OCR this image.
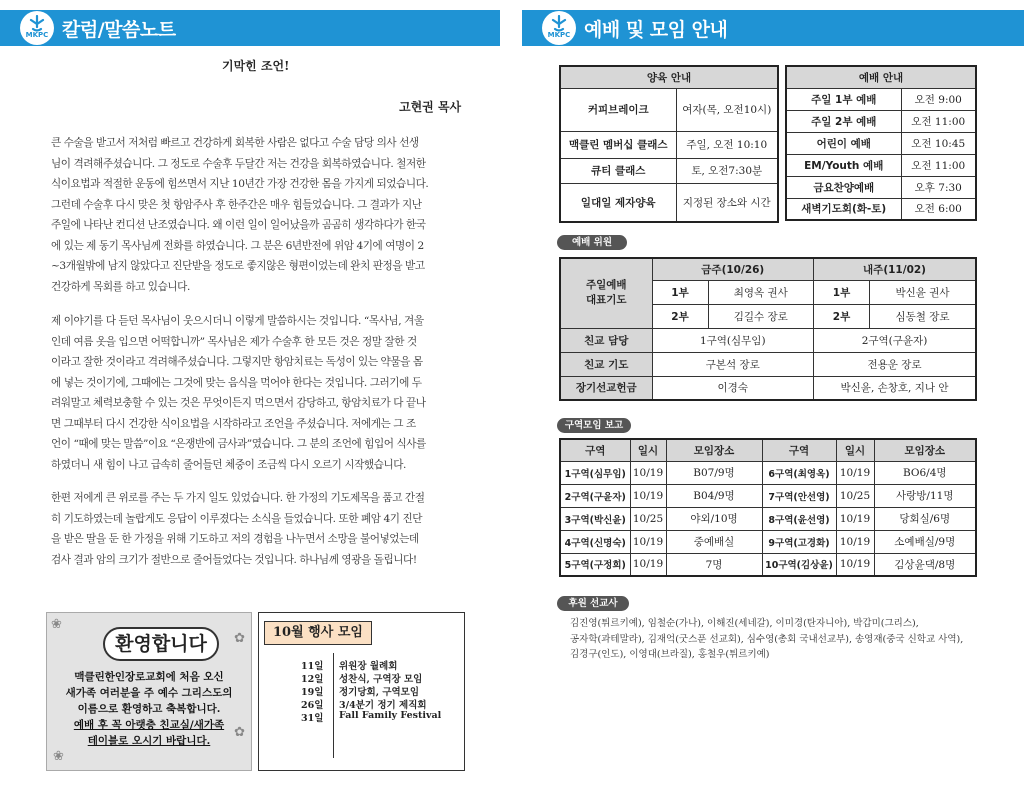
MKPC 칼럼/말씀노트	MKPC 예배 및 모임 안내
기막힌 조언!
고현권 목사
큰 수술을 받고서 저처럼 빠르고 건강하게 회복한 사람은 없다고 수술 담당 의사 선생
님이 격려해주셨습니다. 그 정도로 수술후 두달간 저는 건강을 회복하였습니다. 철저한
식이요법과 적절한 운동에 힘쓰면서 지난 10년간 가장 건강한 몸을 가지게 되었습니다.
그런데 수술후 다시 맞은 첫 항암주사 후 한주간은 매우 힘들었습니다. 그 결과가 지난
주일에 나타난 컨디션 난조였습니다. 왜 이런 일이 일어났을까 곰곰히 생각하다가 한국
에 있는 제 동기 목사님께 전화를 하였습니다. 그 분은 6년반전에 위암 4기에 여명이 2
~3개월밖에 남지 않았다고 진단받을 정도로 좋지않은 형편이었는데 완치 판정을 받고
건강하게 목회를 하고 있습니다.
제 이야기를 다 듣던 목사님이 웃으시더니 이렇게 말씀하시는 것입니다. “목사님, 겨울
인데 여름 옷을 입으면 어떡합니까” 목사님은 제가 수술후 한 모든 것은 정말 잘한 것
이라고 잘한 것이라고 격려해주셨습니다. 그렇지만 항암치료는 독성이 있는 약물을 몸
에 넣는 것이기에, 그때에는 그것에 맞는 음식을 먹어야 한다는 것입니다. 그러기에 두
려워말고 체력보충할 수 있는 것은 무엇이든지 먹으면서 감당하고, 항암치료가 다 끝나
면 그때부터 다시 건강한 식이요법을 시작하라고 조언을 주셨습니다. 저에게는 그 조
언이 “때에 맞는 말씀”이요 “은쟁반에 금사과”였습니다. 그 분의 조언에 힘입어 식사를
하였더니 새 힘이 나고 급속히 줄어들던 체중이 조금씩 다시 오르기 시작했습니다.
한편 저에게 큰 위로를 주는 두 가지 일도 있었습니다. 한 가정의 기도제목을 품고 간절
히 기도하였는데 놀랍게도 응답이 이루졌다는 소식을 들었습니다. 또한 폐암 4기 진단
을 받은 딸을 둔 한 가정을 위해 기도하고 저의 경험을 나누면서 소망을 불어넣었는데
검사 결과 암의 크기가 절반으로 줄어들었다는 것입니다. 하나님께 영광을 돌립니다!
❀
✿
❀
✿
환영합니다
맥클린한인장로교회에 처음 오신
새가족 여러분을 주 예수 그리스도의
이름으로 환영하고 축복합니다.
예배 후 꼭 아랫층 친교실/새가족
테이블로 오시기 바랍니다.
10월 행사 모임
11일	위원장 월례회
12일	성찬식, 구역장 모임
19일	정기당회, 구역모임
26일	3/4분기 정기 제직회
31일	Fall Family Festival
양육 안내	
커피브레이크	여자(목, 오전10시)
맥클린 멤버십 클래스	주일, 오전 10:10
큐티 클래스	토, 오전7:30분
일대일 제자양육	지정된 장소와 시간
예배 안내	
주일 1부 예배	오전 9:00
주일 2부 예배	오전 11:00
어린이 예배	오전 10:45
EM/Youth 예배	오전 11:00
금요찬양예배	오후 7:30
새벽기도회(화-토)	오전 6:00
예배 위원
주일예배
대표기도	금주(10/26)		내주(11/02)	
	1부	최영옥 권사	1부	박신윤 권사
	2부	김길수 장로	2부	심동철 장로
친교 담당	1구역(심무임)		2구역(구윤자)	
친교 기도	구본석 장로		전용운 장로	
장기선교헌금	이경숙		박신윤, 손창호, 지나 안	
구역모임 보고
구역	일시	모임장소	구역	일시	모임장소
1구역(심무임)	10/19	B07/9명	6구역(최영옥)	10/19	BO6/4명
2구역(구윤자)	10/19	B04/9명	7구역(안선영)	10/25	사랑방/11명
3구역(박신윤)	10/25	야외/10명	8구역(윤선영)	10/19	당회실/6명
4구역(신명숙)	10/19	중예배실	9구역(고경화)	10/19	소예배실/9명
5구역(구정희)	10/19	7명	10구역(김상윤)	10/19	김상윤댁/8명
후원 선교사
김진영(튀르키예), 임철순(가나), 이해진(세네갈), 이미경(탄자니아), 박갑미(그리스),
공자학(과테말라), 김재억(굿스푼 선교회), 심수영(총회 국내선교부), 송영재(중국 신학교 사역),
김경구(인도), 이영대(브라질), 홍철우(튀르키예)
